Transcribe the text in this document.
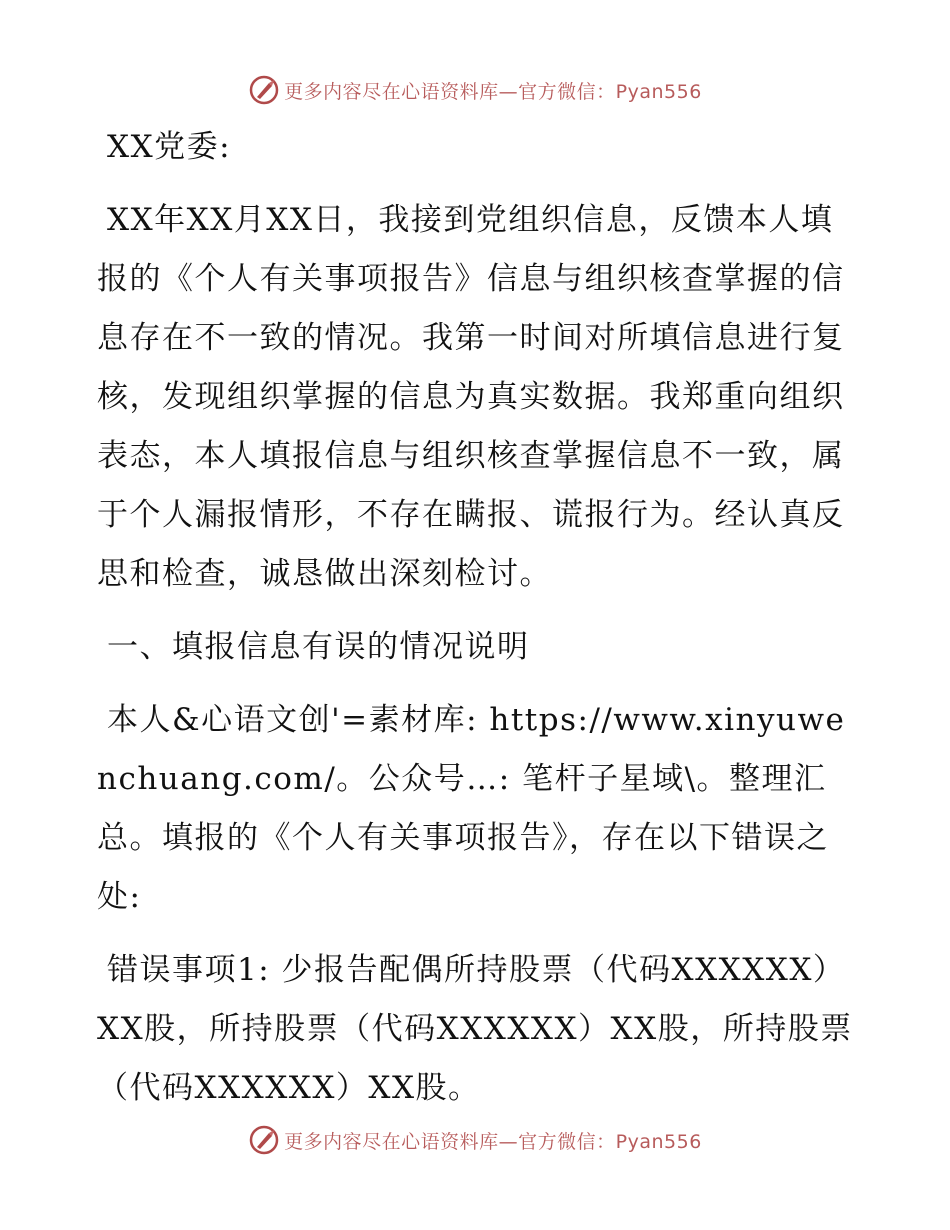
更多内容尽在心语资料库—官方微信：Pyan556

XX党委:

XX年XX月XX日，我接到党组织信息，反馈本人填报的《个人有关事项报告》信息与组织核查掌握的信息存在不一致的情况。我第一时间对所填信息进行复核，发现组织掌握的信息为真实数据。我郑重向组织表态，本人填报信息与组织核查掌握信息不一致，属于个人漏报情形，不存在瞒报、谎报行为。经认真反思和检查，诚恳做出深刻检讨。

一、填报信息有误的情况说明

本人&心语文创'=素材库: https://www.xinyuwenchuang.com/。公众号…: 笔杆子星域\。整理汇总。填报的《个人有关事项报告》，存在以下错误之处:

错误事项1: 少报告配偶所持股票（代码XXXXXX）XX股，所持股票（代码XXXXXX）XX股，所持股票（代码XXXXXX）XX股。

更多内容尽在心语资料库—官方微信：Pyan556
